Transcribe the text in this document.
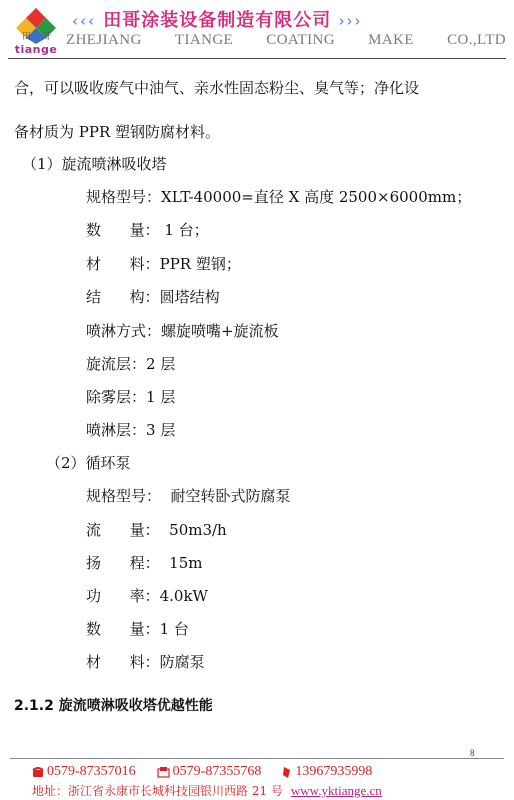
田 哥
tiange
‹‹‹ 田哥涂装设备制造有限公司 ›››
ZHEJIANG TIANGE COATING MAKE CO.,LTD
合，可以吸收废气中油气、亲水性固态粉尘、臭气等；净化设
备材质为 PPR 塑钢防腐材料。
（1）旋流喷淋吸收塔
规格型号：XLT-40000=直径 X 高度 2500×6000mm；
数      量： 1 台；
材      料：PPR 塑钢；
结      构：圆塔结构
喷淋方式：螺旋喷嘴+旋流板
旋流层：2 层
除雾层：1 层
喷淋层：3 层
（2）循环泵
规格型号：  耐空转卧式防腐泵
流      量：  50m3/h
扬      程：  15m
功      率：4.0kW
数      量：1 台
材      料：防腐泵
2.1.2 旋流喷淋吸收塔优越性能
8
0579-87357016	0579-87355768 13967935998
地址：浙江省永康市长城科技园银川西路 21 号 www.yktiange.cn
